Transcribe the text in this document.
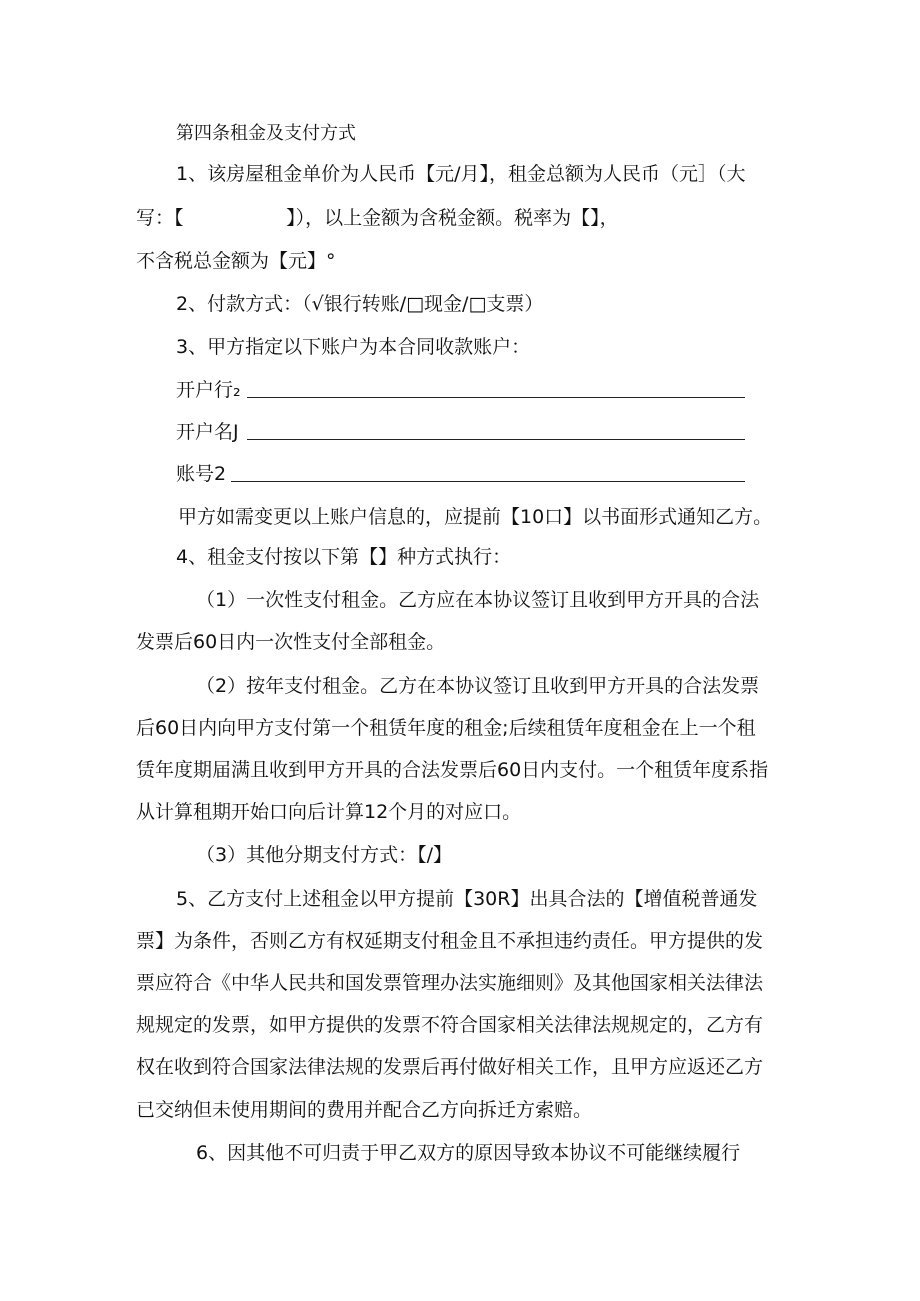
第四条租金及支付方式
1、该房屋租金单价为人民币【元/月】，租金总额为人民币（元］（大
写：【                 】），以上金额为含税金额。税率为【】，
不含税总金额为【元】°
2、付款方式：（√银行转账/□现金/□支票）
3、甲方指定以下账户为本合同收款账户：
开户行₂
开户名J
账号2
甲方如需变更以上账户信息的，应提前【10口】以书面形式通知乙方。
4、租金支付按以下第【】种方式执行：
（1）一次性支付租金。乙方应在本协议签订且收到甲方开具的合法
发票后60日内一次性支付全部租金。
（2）按年支付租金。乙方在本协议签订且收到甲方开具的合法发票
后60日内向甲方支付第一个租赁年度的租金;后续租赁年度租金在上一个租
赁年度期届满且收到甲方开具的合法发票后60日内支付。一个租赁年度系指
从计算租期开始口向后计算12个月的对应口。
（3）其他分期支付方式：【/】
5、乙方支付上述租金以甲方提前【30R】出具合法的【增值税普通发
票】为条件，否则乙方有权延期支付租金且不承担违约责任。甲方提供的发
票应符合《中华人民共和国发票管理办法实施细则》及其他国家相关法律法
规规定的发票，如甲方提供的发票不符合国家相关法律法规规定的，乙方有
权在收到符合国家法律法规的发票后再付做好相关工作，且甲方应返还乙方
已交纳但未使用期间的费用并配合乙方向拆迁方索赔。
6、因其他不可归责于甲乙双方的原因导致本协议不可能继续履行
